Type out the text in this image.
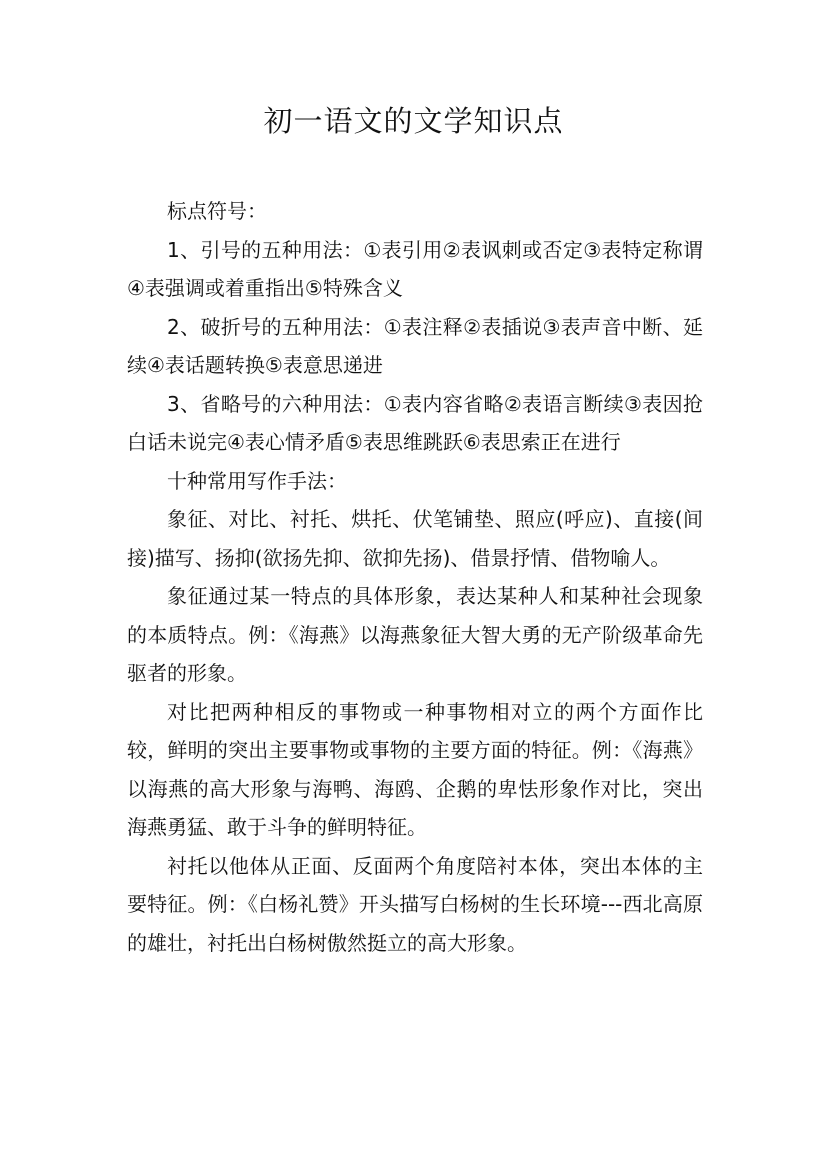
初一语文的文学知识点

标点符号：

1、引号的五种用法：①表引用②表讽刺或否定③表特定称谓④表强调或着重指出⑤特殊含义

2、破折号的五种用法：①表注释②表插说③表声音中断、延续④表话题转换⑤表意思递进

3、省略号的六种用法：①表内容省略②表语言断续③表因抢白话未说完④表心情矛盾⑤表思维跳跃⑥表思索正在进行

十种常用写作手法：

象征、对比、衬托、烘托、伏笔铺垫、照应(呼应)、直接(间接)描写、扬抑(欲扬先抑、欲抑先扬)、借景抒情、借物喻人。

象征通过某一特点的具体形象，表达某种人和某种社会现象的本质特点。例：《海燕》以海燕象征大智大勇的无产阶级革命先驱者的形象。

对比把两种相反的事物或一种事物相对立的两个方面作比较，鲜明的突出主要事物或事物的主要方面的特征。例：《海燕》以海燕的高大形象与海鸭、海鸥、企鹅的卑怯形象作对比，突出海燕勇猛、敢于斗争的鲜明特征。

衬托以他体从正面、反面两个角度陪衬本体，突出本体的主要特征。例：《白杨礼赞》开头描写白杨树的生长环境---西北高原的雄壮，衬托出白杨树傲然挺立的高大形象。
